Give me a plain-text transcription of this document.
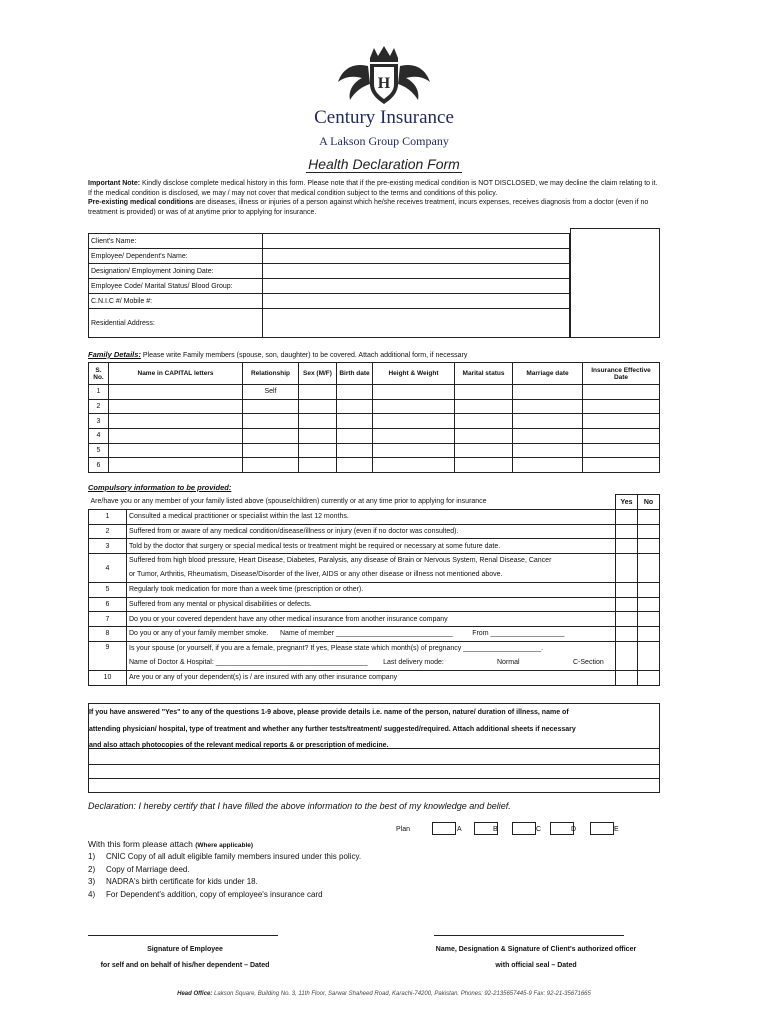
H
Century Insurance
A Lakson Group Company
Health Declaration Form
Important Note: Kindly disclose complete medical history in this form. Please note that if the pre-existing medical condition is NOT DISCLOSED, we may decline the claim relating to it. If the medical condition is disclosed, we may / may not cover that medical condition subject to the terms and conditions of this policy.
Pre-existing medical conditions are diseases, illness or injuries of a person against which he/she receives treatment, incurs expenses, receives diagnosis from a doctor (even if no treatment is provided) or was of at anytime prior to applying for insurance.
Client's Name:	
Employee/ Dependent's Name:	
Designation/ Employment Joining Date:	
Employee Code/ Marital Status/ Blood Group:	
C.N.I.C #/ Mobile #:	
Residential Address:	
Family Details: Please write Family members (spouse, son, daughter) to be covered. Attach additional form, if necessary
S. No.	Name in CAPITAL letters	Relationship	Sex (M/F)	Birth date	Height & Weight	Marital status	Marriage date	Insurance Effective Date
1		Self						
2								
3								
4								
5								
6								
Compulsory information to be provided:
Are/have you or any member of your family listed above (spouse/children) currently or at any time prior to applying for insurance		Yes	No
1	Consulted a medical practitioner or specialist within the last 12 months.		
2	Suffered from or aware of any medical condition/disease/illness or injury (even if no doctor was consulted).		
3	Told by the doctor that surgery or special medical tests or treatment might be required or necessary at some future date.		
4	Suffered from high blood pressure, Heart Disease, Diabetes, Paralysis, any disease of Brain or Nervous System, Renal Disease, Cancer
or Tumor, Arthritis, Rheumatism, Disease/Disorder of the liver, AIDS or any other disease or illness not mentioned above.		

5	Regularly took medication for more than a week time (prescription or other).		
6	Suffered from any mental or physical disabilities or defects.		
7	Do you or your covered dependent have any other medical insurance from another insurance company		
8	Do you or any of your family member smoke.      Name of member ______________________________          From ___________________		
9	Is your spouse (or yourself, if you are a female, pregnant? If yes, Please state which month(s) of pregnancy ____________________.
Name of Doctor & Hospital: _______________________________________        Last delivery mode: Normal C-Section		

10	Are you or any of your dependent(s) is / are insured with any other insurance company		
If you have answered "Yes" to any of the questions 1-9 above, please provide details i.e. name of the person, nature/ duration of illness, name of
attending physician/ hospital, type of treatment and whether any further tests/treatment/ suggested/required. Attach additional sheets if necessary
and also attach photocopies of the relevant medical reports & or prescription of medicine.
Declaration: I hereby certify that I have filled the above information to the best of my knowledge and belief.
Plan	A	B	C	D	E
With this form please attach (Where applicable)
1) CNIC Copy of all adult eligible family members insured under this policy.
2) Copy of Marriage deed.
3) NADRA's birth certificate for kids under 18.
4) For Dependent's addition, copy of employee's insurance card
Signature of Employee
for self and on behalf of his/her dependent – Dated
Name, Designation & Signature of Client's authorized officer
with official seal – Dated
Head Office: Lakson Square, Building No. 3, 11th Floor, Sarwar Shaheed Road, Karachi-74200, Pakistan. Phones: 92-2135657445-9 Fax: 92-21-35671665
